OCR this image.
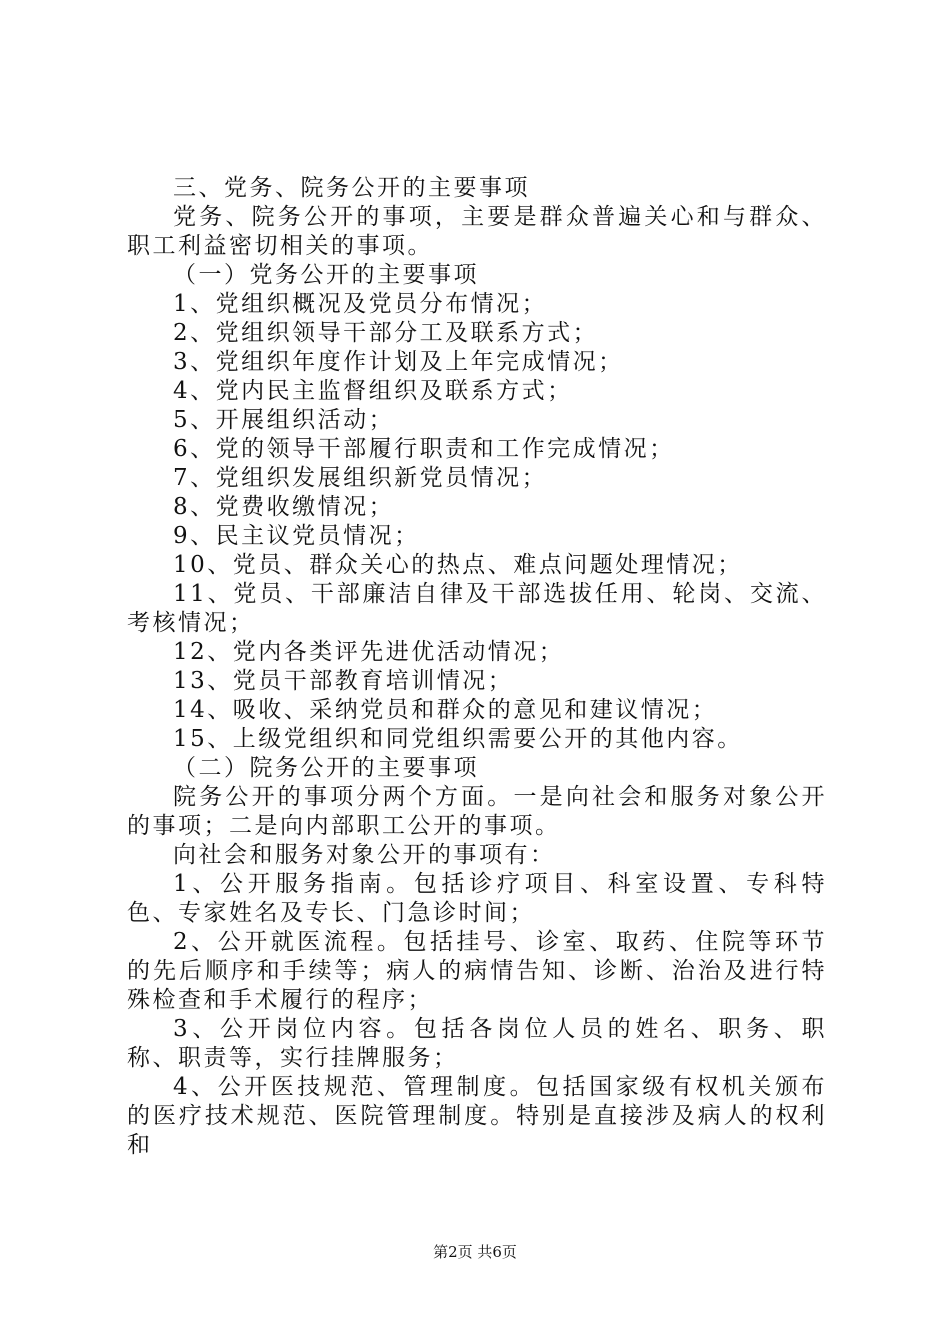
三、党务、院务公开的主要事项

党务、院务公开的事项，主要是群众普遍关心和与群众、职工利益密切相关的事项。

（一）党务公开的主要事项

1、党组织概况及党员分布情况；

2、党组织领导干部分工及联系方式；

3、党组织年度作计划及上年完成情况；

4、党内民主监督组织及联系方式；

5、开展组织活动；

6、党的领导干部履行职责和工作完成情况；

7、党组织发展组织新党员情况；

8、党费收缴情况；

9、民主议党员情况；

10、党员、群众关心的热点、难点问题处理情况；

11、党员、干部廉洁自律及干部选拔任用、轮岗、交流、考核情况；

12、党内各类评先进优活动情况；

13、党员干部教育培训情况；

14、吸收、采纳党员和群众的意见和建议情况；

15、上级党组织和同党组织需要公开的其他内容。

（二）院务公开的主要事项

院务公开的事项分两个方面。一是向社会和服务对象公开的事项；二是向内部职工公开的事项。

向社会和服务对象公开的事项有：

1、公开服务指南。包括诊疗项目、科室设置、专科特色、专家姓名及专长、门急诊时间；

2、公开就医流程。包括挂号、诊室、取药、住院等环节的先后顺序和手续等；病人的病情告知、诊断、治治及进行特殊检查和手术履行的程序；

3、公开岗位内容。包括各岗位人员的姓名、职务、职称、职责等，实行挂牌服务；

4、公开医技规范、管理制度。包括国家级有权机关颁布的医疗技术规范、医院管理制度。特别是直接涉及病人的权利和

第2页 共6页
